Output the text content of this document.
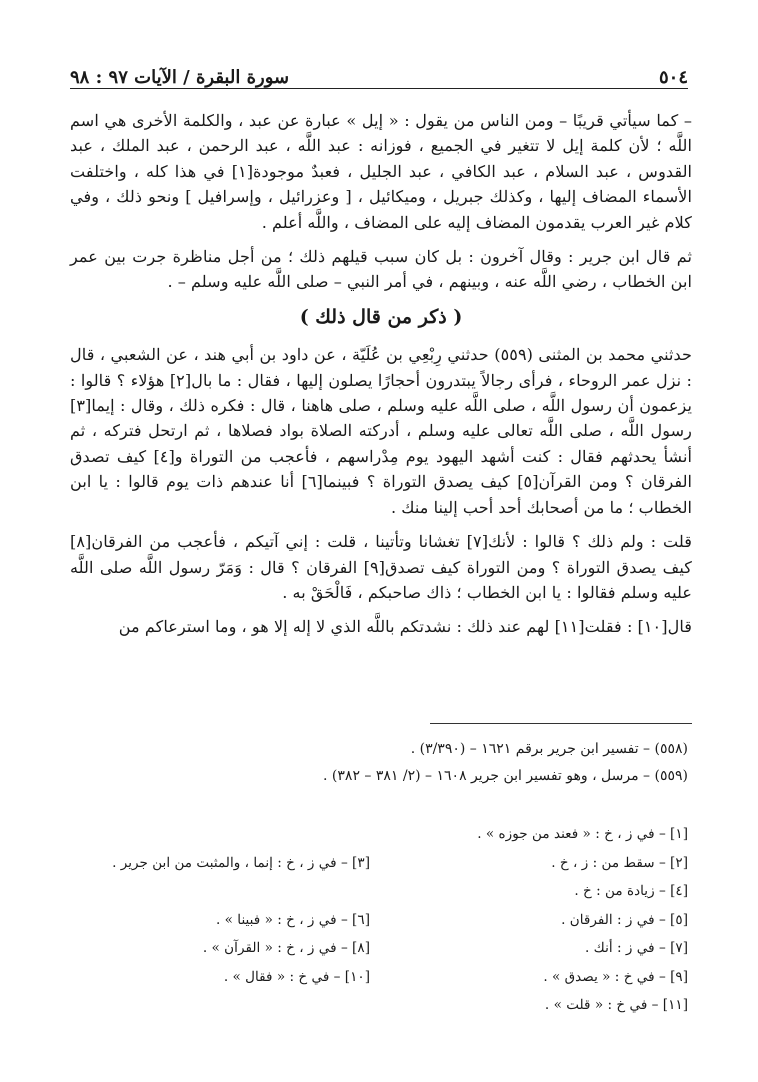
٥٠٤
سورة البقرة / الآيات ٩٧ : ٩٨

– كما سيأتي قريبًا – ومن الناس من يقول : « إيل » عبارة عن عبد ، والكلمة الأخرى هي اسم اللَّه ؛ لأن كلمة إيل لا تتغير في الجميع ، فوزانه : عبد اللَّه ، عبد الرحمن ، عبد الملك ، عبد القدوس ، عبد السلام ، عبد الكافي ، عبد الجليل ، فعبدٌ موجودة[١] في هذا كله ، واختلفت الأسماء المضاف إليها ، وكذلك جبريل ، وميكائيل ، [ وعزرائيل ، وإسرافيل ] ونحو ذلك ، وفي كلام غير العرب يقدمون المضاف إليه على المضاف ، واللَّه أعلم .

ثم قال ابن جرير : وقال آخرون : بل كان سبب قيلهم ذلك ؛ من أجل مناظرة جرت بين عمر ابن الخطاب ، رضي اللَّه عنه ، وبينهم ، في أمر النبي – صلى اللَّه عليه وسلم – .

( ذكر من قال ذلك )

حدثني محمد بن المثنى (٥٥٩) حدثني رِبْعِي بن عُلَيّة ، عن داود بن أبي هند ، عن الشعبي ، قال : نزل عمر الروحاء ، فرأى رجالاً يبتدرون أحجارًا يصلون إليها ، فقال : ما بال[٢] هؤلاء ؟ قالوا : يزعمون أن رسول اللَّه ، صلى اللَّه عليه وسلم ، صلى هاهنا ، قال : فكره ذلك ، وقال : إيما[٣] رسول اللَّه ، صلى اللَّه تعالى عليه وسلم ، أدركته الصلاة بواد فصلاها ، ثم ارتحل فتركه ، ثم أنشأ يحدثهم فقال : كنت أشهد اليهود يوم مِدْراسهم ، فأعجب من التوراة و[٤] كيف تصدق الفرقان ؟ ومن القرآن[٥] كيف يصدق التوراة ؟ فبينما[٦] أنا عندهم ذات يوم قالوا : يا ابن الخطاب ؛ ما من أصحابك أحد أحب إلينا منك .

قلت : ولم ذلك ؟ قالوا : لأنك[٧] تغشانا وتأتينا ، قلت : إني آتيكم ، فأعجب من الفرقان[٨] كيف يصدق التوراة ؟ ومن التوراة كيف تصدق[٩] الفرقان ؟ قال : وَمَرّ رسول اللَّه صلى اللَّه عليه وسلم فقالوا : يا ابن الخطاب ؛ ذاك صاحبكم ، فَالْحَقْ به .

قال[١٠] : فقلت[١١] لهم عند ذلك : نشدتكم باللَّه الذي لا إله إلا هو ، وما استرعاكم من

(٥٥٨) – تفسير ابن جرير برقم ١٦٢١ – (٣/٣٩٠) .
(٥٥٩) – مرسل ، وهو تفسير ابن جرير ١٦٠٨ – (٢/ ٣٨١ – ٣٨٢) .
[١] – في ز ، خ : « فعند من جوزه » .
[٢] – سقط من : ز ، خ .
[٣] – في ز ، خ : إنما ، والمثبت من ابن جرير .
[٤] – زيادة من : خ .
[٥] – في ز : الفرقان .
[٦] – في ز ، خ : « فبينا » .
[٧] – في ز : أنك .
[٨] – في ز ، خ : « القرآن » .
[٩] – في خ : « يصدق » .
[١٠] – في خ : « فقال » .
[١١] – في خ : « قلت » .
